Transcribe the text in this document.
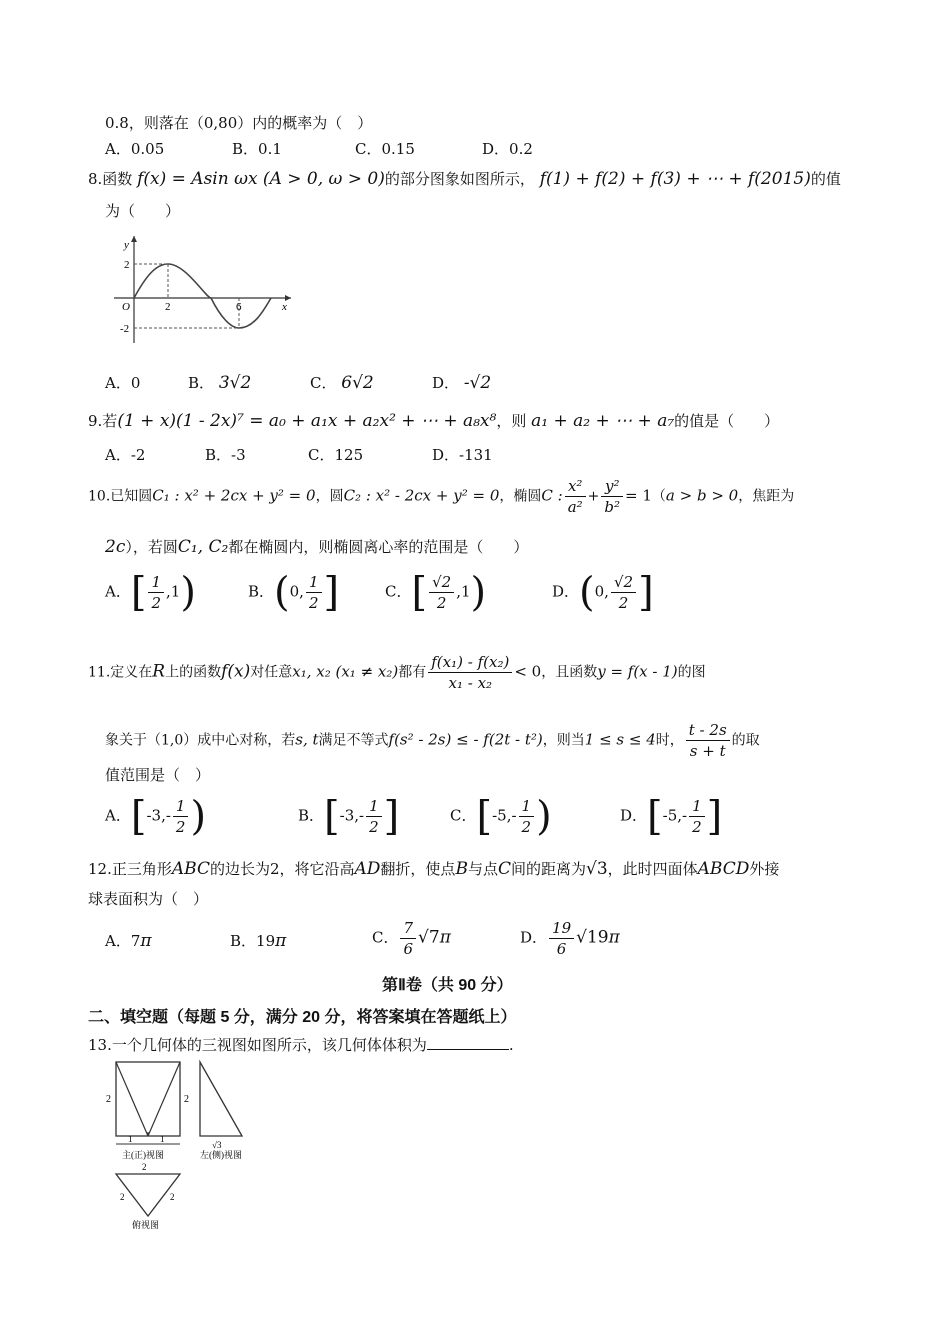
0.8，则落在（0,80）内的概率为（　）
A．0.05	B．0.1	C．0.15	D．0.2
8.函数 f(x) = Asin ωx (A > 0, ω > 0)的部分图象如图所示， f(1) + f(2) + f(3) + ⋯ + f(2015)的值
为（　　）
y
x
O
2
-2
2	6
A．0	B． 3√2	C． 6√2	D． -√2
9.若(1 + x)(1 - 2x)⁷ = a₀ + a₁x + a₂x² + ⋯ + a₈x⁸，则 a₁ + a₂ + ⋯ + a₇的值是（　　）
A．-2	B．-3	C．125	D．-131
10.已知圆C₁ : x² + 2cx + y² = 0，圆C₂ : x² - 2cx + y² = 0，椭圆C : $\frac{\text{x²}}{\text{a²}} + \frac{\text{y²}}{\text{b²}} = 1(a > b > 0$，焦距为
2c），若圆C₁, C₂都在椭圆内，则椭圆离心率的范围是（　　）
A．[ $\frac{1}{2} ,1$)	B．(0, $\frac{1}{2}$ ]	C．[ $\frac{√2}{2} ,1$)	D．(0, $\frac{√2}{2}$ ]
11.定义在R上的函数f(x)对任意x₁, x₂ (x₁ ≠ x₂)都有 $\frac{\text{f(x₁) - f(x₂)}}{\text{x₁ - x₂}} < 0$，且函数y = f(x - 1)的图
象关于（1,0）成中心对称，若s, t满足不等式f(s² - 2s) ≤ - f(2t - t²)，则当1 ≤ s ≤ 4时， $\frac{t - 2s}{s + t}$ 的取
值范围是（　）
A．[$-3,- \frac{1}{2}$ )	B．[$-3,- \frac{1}{2}$ ]	C．[$-5,- \frac{1}{2}$ )	D．[$-5,- \frac{1}{2}$ ]
12.正三角形ABC的边长为2，将它沿高AD翻折，使点B与点C间的距离为√3，此时四面体ABCD外接
球表面积为（　）
A．7π	B．19π	C． $\frac{7}{6} √7\pi$	D． $\frac{19}{6} √19\pi$
第Ⅱ卷（共 90 分）
二、填空题（每题 5 分，满分 20 分，将答案填在答题纸上）
13.一个几何体的三视图如图所示，该几何体体积为	.
2	2
1	1
主(正)视图
√3
左(侧)视图
2
2	2
俯视图
